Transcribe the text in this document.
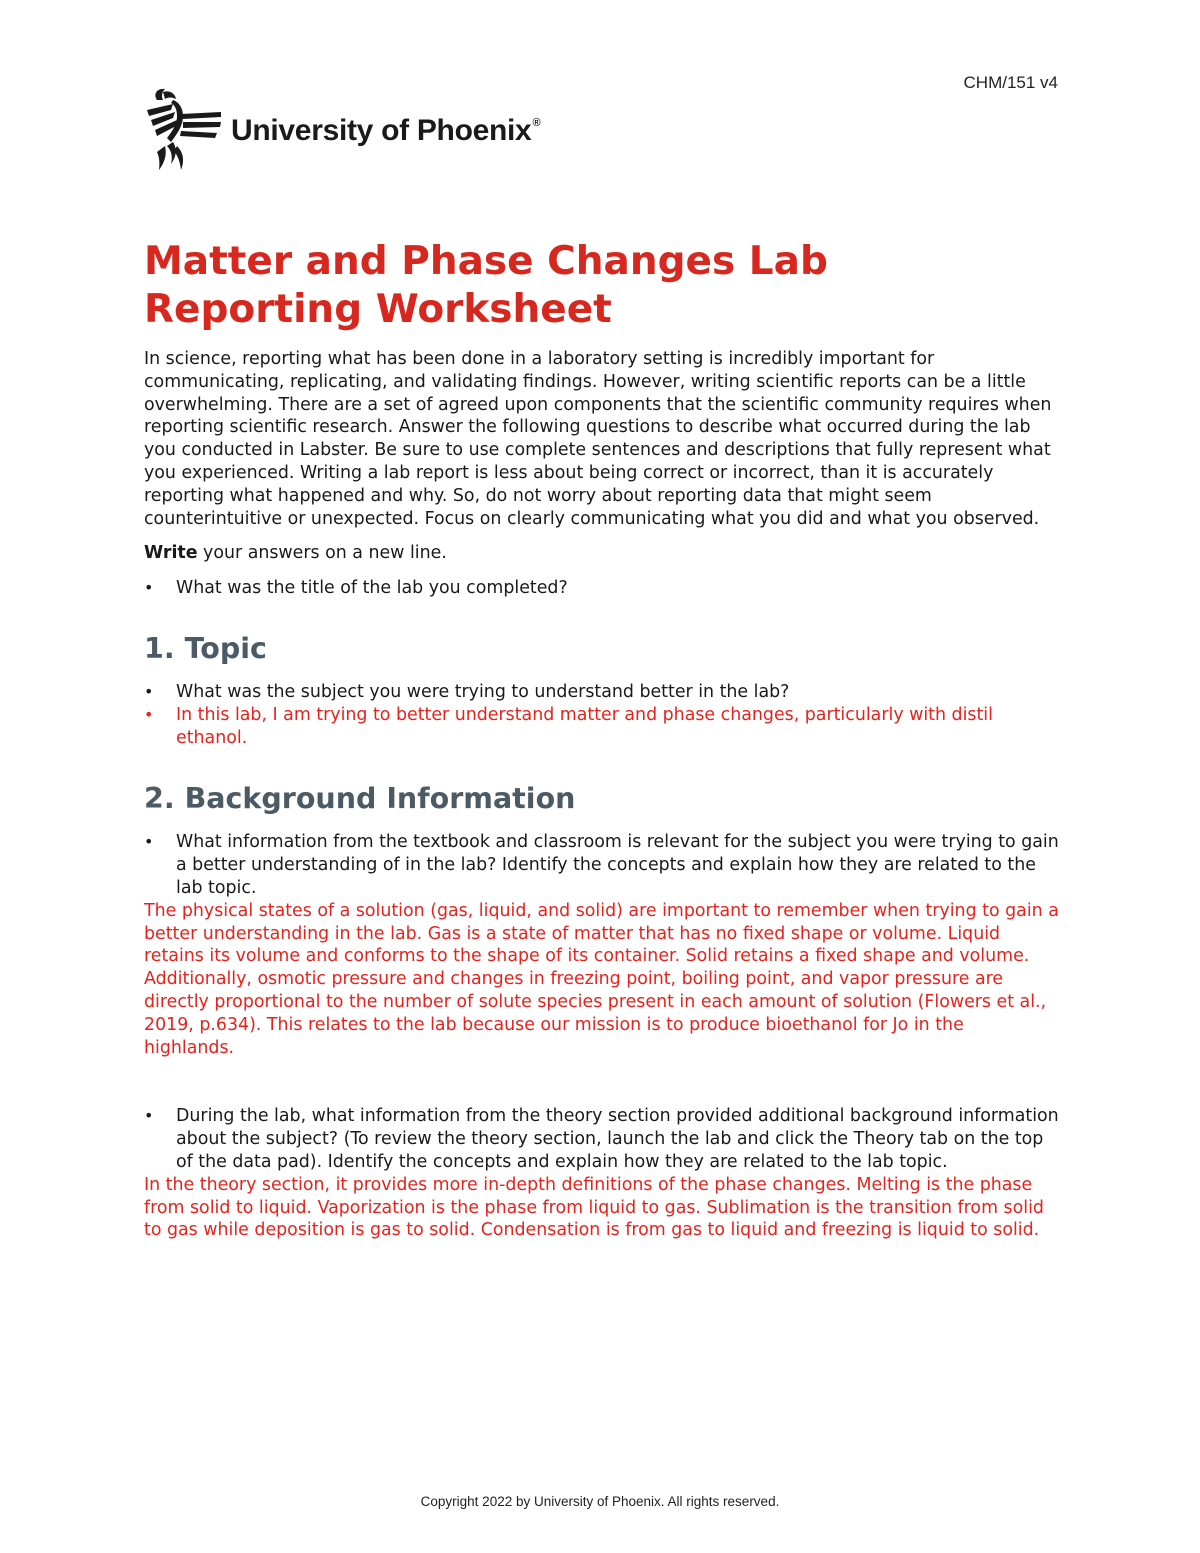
CHM/151 v4
University of Phoenix®
Matter and Phase Changes Lab Reporting Worksheet

In science, reporting what has been done in a laboratory setting is incredibly important for communicating, replicating, and validating findings. However, writing scientific reports can be a little overwhelming. There are a set of agreed upon components that the scientific community requires when reporting scientific research. Answer the following questions to describe what occurred during the lab you conducted in Labster. Be sure to use complete sentences and descriptions that fully represent what you experienced. Writing a lab report is less about being correct or incorrect, than it is accurately reporting what happened and why. So, do not worry about reporting data that might seem counterintuitive or unexpected. Focus on clearly communicating what you did and what you observed.

Write your answers on a new line.

• What was the title of the lab you completed?
1. Topic
• What was the subject you were trying to understand better in the lab?
• In this lab, I am trying to better understand matter and phase changes, particularly with distil ethanol.
2. Background Information
• What information from the textbook and classroom is relevant for the subject you were trying to gain a better understanding of in the lab? Identify the concepts and explain how they are related to the lab topic.

The physical states of a solution (gas, liquid, and solid) are important to remember when trying to gain a better understanding in the lab. Gas is a state of matter that has no fixed shape or volume. Liquid retains its volume and conforms to the shape of its container. Solid retains a fixed shape and volume. Additionally, osmotic pressure and changes in freezing point, boiling point, and vapor pressure are directly proportional to the number of solute species present in each amount of solution (Flowers et al., 2019, p.634). This relates to the lab because our mission is to produce bioethanol for Jo in the highlands.

• During the lab, what information from the theory section provided additional background information about the subject? (To review the theory section, launch the lab and click the Theory tab on the top of the data pad). Identify the concepts and explain how they are related to the lab topic.

In the theory section, it provides more in-depth definitions of the phase changes. Melting is the phase from solid to liquid. Vaporization is the phase from liquid to gas. Sublimation is the transition from solid to gas while deposition is gas to solid. Condensation is from gas to liquid and freezing is liquid to solid.

Copyright 2022 by University of Phoenix. All rights reserved.
